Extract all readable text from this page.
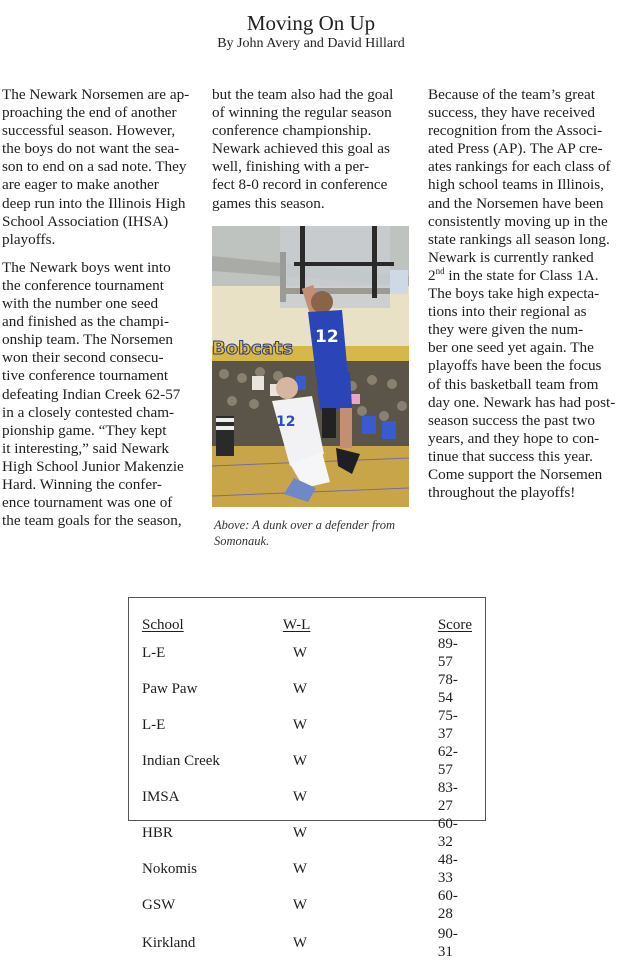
Moving On Up
By John Avery and David Hillard

The Newark Norsemen are ap-

proaching the end of another

successful season. However,

the boys do not want the sea-

son to end on a sad note. They

are eager to make another

deep run into the Illinois High

School Association (IHSA)

playoffs.

The Newark boys went into

the conference tournament

with the number one seed

and finished as the champi-

onship team. The Norsemen

won their second consecu-

tive conference tournament

defeating Indian Creek 62-57

in a closely contested cham-

pionship game. “They kept

it interesting,” said Newark

High School Junior Makenzie

Hard. Winning the confer-

ence tournament was one of

the team goals for the season,

but the team also had the goal

of winning the regular season

conference championship.

Newark achieved this goal as

well, finishing with a per-

fect 8-0 record in conference

games this season.

Bobcats
12
12
Above: A dunk over a defender from Somonauk.

Because of the team’s great

success, they have received

recognition from the Associ-

ated Press (AP). The AP cre-

ates rankings for each class of

high school teams in Illinois,

and the Norsemen have been

consistently moving up in the

state rankings all season long.

Newark is currently ranked

2nd in the state for Class 1A.

The boys take high expecta-

tions into their regional as

they were given the num-

ber one seed yet again. The

playoffs have been the focus

of this basketball team from

day one. Newark has had post-

season success the past two

years, and they hope to con-

tinue that success this year.

Come support the Norsemen

throughout the playoffs!

School	W-L	Score
L-E	W	89-57
Paw Paw	W	78-54
L-E	W	75-37
Indian Creek	W	62-57
IMSA	W	83-27
HBR	W	60-32
Nokomis	W	48-33
GSW	W	60-28
Kirkland	W	90-31
